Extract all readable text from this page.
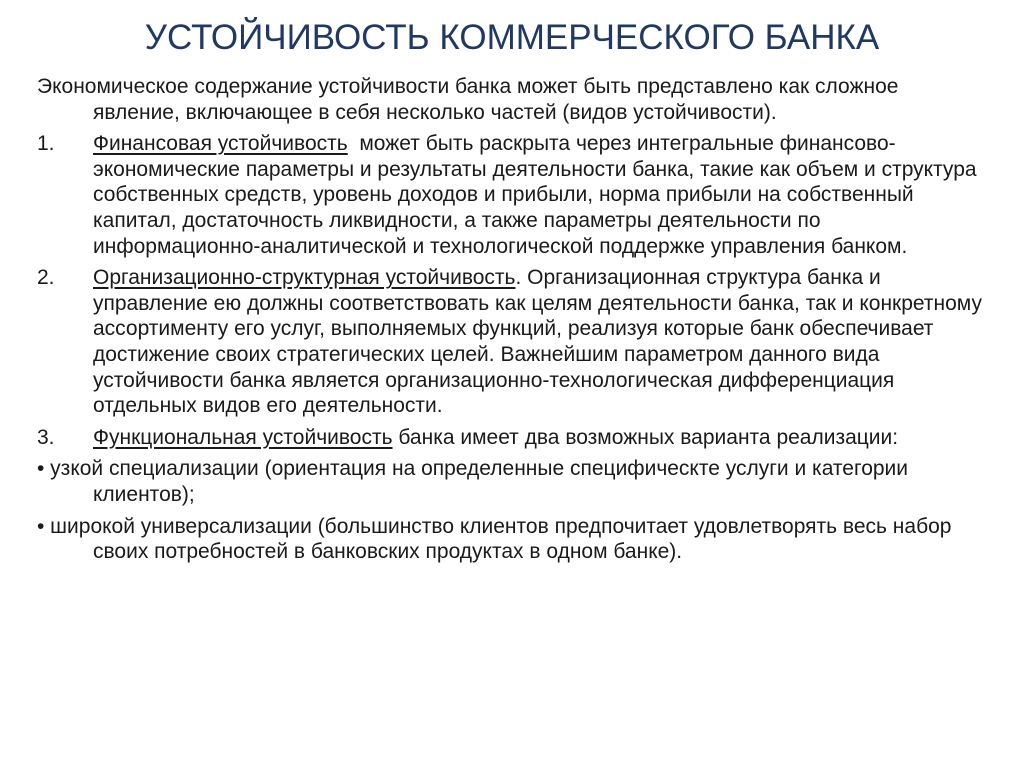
УСТОЙЧИВОСТЬ КОММЕРЧЕСКОГО БАНКА

Экономическое содержание устойчивости банка может быть представлено как сложное явление, включающее в себя несколько частей (видов устойчивости).

1. Финансовая устойчивость  может быть раскрыта через интегральные финансово-экономические параметры и результаты деятельности банка, такие как объем и структура собственных средств, уровень доходов и прибыли, норма прибыли на собственный капитал, достаточность ликвидности, а также параметры деятельности по информационно-аналитической и технологической поддержке управления банком.
2. Организационно-структурная устойчивость. Организационная структура банка и управление ею должны соответствовать как целям деятельности банка, так и конкретному ассортименту его услуг, выполняемых функций, реализуя которые банк обеспечивает достижение своих стратегических целей. Важнейшим параметром данного вида устойчивости банка является организационно-технологическая дифференциация отдельных видов его деятельности.
3. Функциональная устойчивость банка имеет два возможных варианта реализации:

• узкой специализации (ориентация на определенные специфическте услуги и категории клиентов);

• широкой универсализации (большинство клиентов предпочитает удовлетворять весь набор своих потребностей в банковских продуктах в одном банке).
